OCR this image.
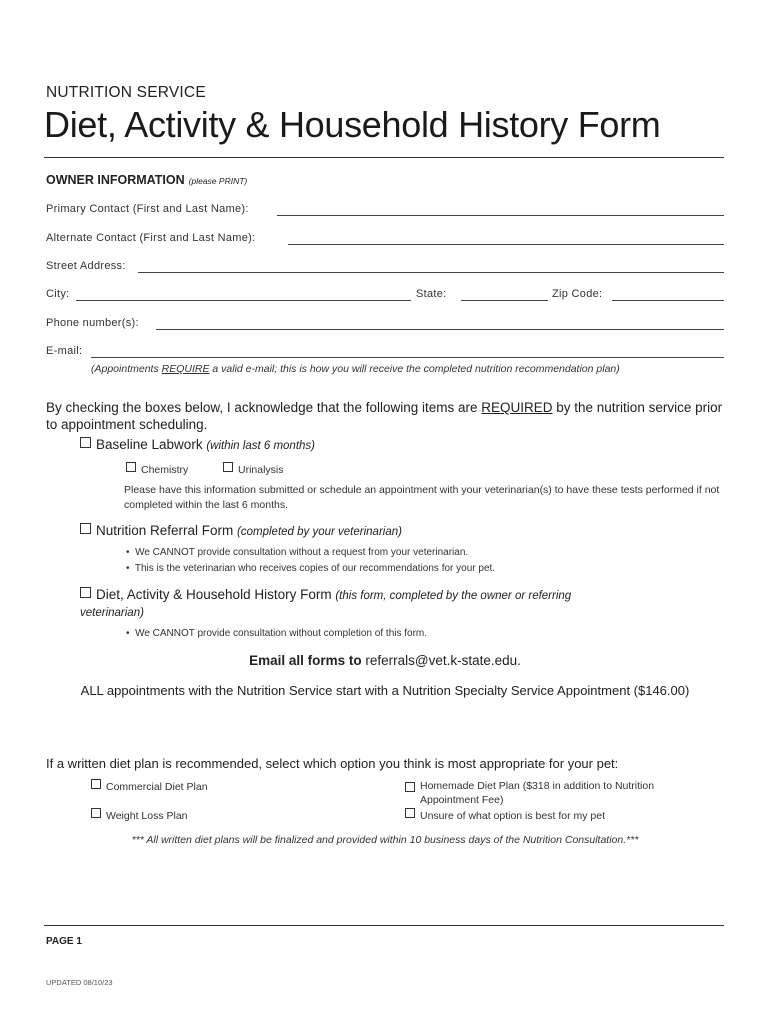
NUTRITION SERVICE
Diet, Activity & Household History Form
OWNER INFORMATION (please PRINT)
Primary Contact (First and Last Name):
Alternate Contact (First and Last Name):
Street Address:
City:	State:	Zip Code:
Phone number(s):
E-mail:
(Appointments REQUIRE a valid e-mail; this is how you will receive the completed nutrition recommendation plan)
By checking the boxes below, I acknowledge that the following items are REQUIRED by the nutrition service prior to appointment scheduling.
Baseline Labwork (within last 6 months)
Chemistry	Urinalysis
Please have this information submitted or schedule an appointment with your veterinarian(s) to have these tests performed if not completed within the last 6 months.
Nutrition Referral Form (completed by your veterinarian)
•  We CANNOT provide consultation without a request from your veterinarian.
•  This is the veterinarian who receives copies of our recommendations for your pet.
Diet, Activity & Household History Form (this form, completed by the owner or referring
veterinarian)
•  We CANNOT provide consultation without completion of this form.
Email all forms to referrals@vet.k-state.edu.
ALL appointments with the Nutrition Service start with a Nutrition Specialty Service Appointment ($146.00)
If a written diet plan is recommended, select which option you think is most appropriate for your pet:
Commercial Diet Plan	Homemade Diet Plan ($318 in addition to Nutrition Appointment Fee)
Weight Loss Plan	Unsure of what option is best for my pet
*** All written diet plans will be finalized and provided within 10 business days of the Nutrition Consultation.***
PAGE 1
UPDATED 08/10/23
